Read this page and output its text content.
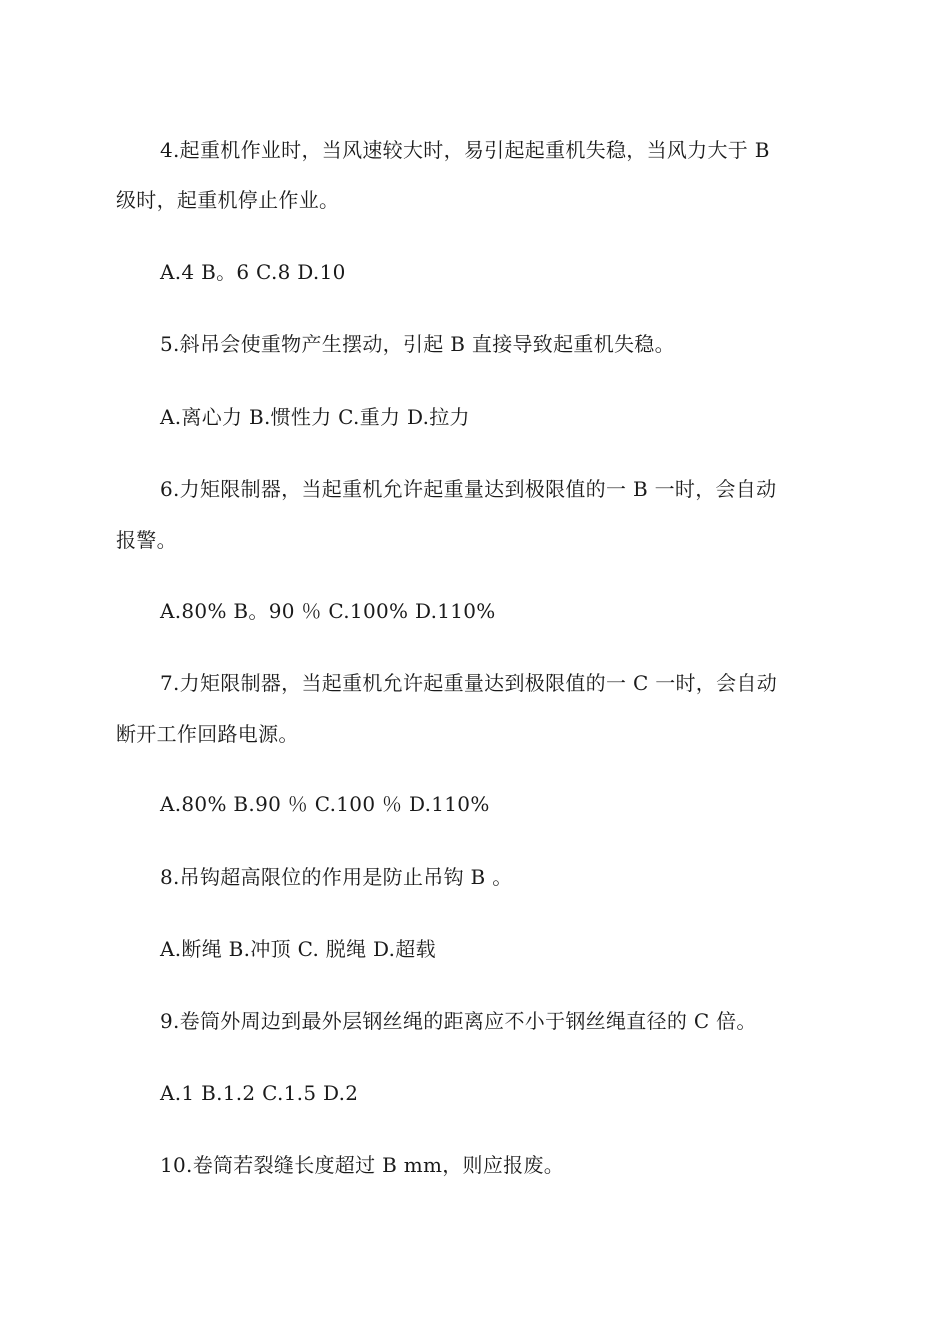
4.起重机作业时，当风速较大时，易引起起重机失稳，当风力大于 B
级时，起重机停止作业。
A.4 B。6 C.8 D.10
5.斜吊会使重物产生摆动，引起 B 直接导致起重机失稳。
A.离心力 B.惯性力 C.重力 D.拉力
6.力矩限制器，当起重机允许起重量达到极限值的一 B 一时，会自动
报警。
A.80% B。90 ％ C.100% D.110%
7.力矩限制器，当起重机允许起重量达到极限值的一 C 一时，会自动
断开工作回路电源。
A.80% B.90 ％ C.100 ％ D.110%
8.吊钩超高限位的作用是防止吊钩 B 。
A.断绳 B.冲顶 C. 脱绳 D.超载
9.卷筒外周边到最外层钢丝绳的距离应不小于钢丝绳直径的 C 倍。
A.1 B.1.2 C.1.5 D.2
10.卷筒若裂缝长度超过 B mm，则应报废。
